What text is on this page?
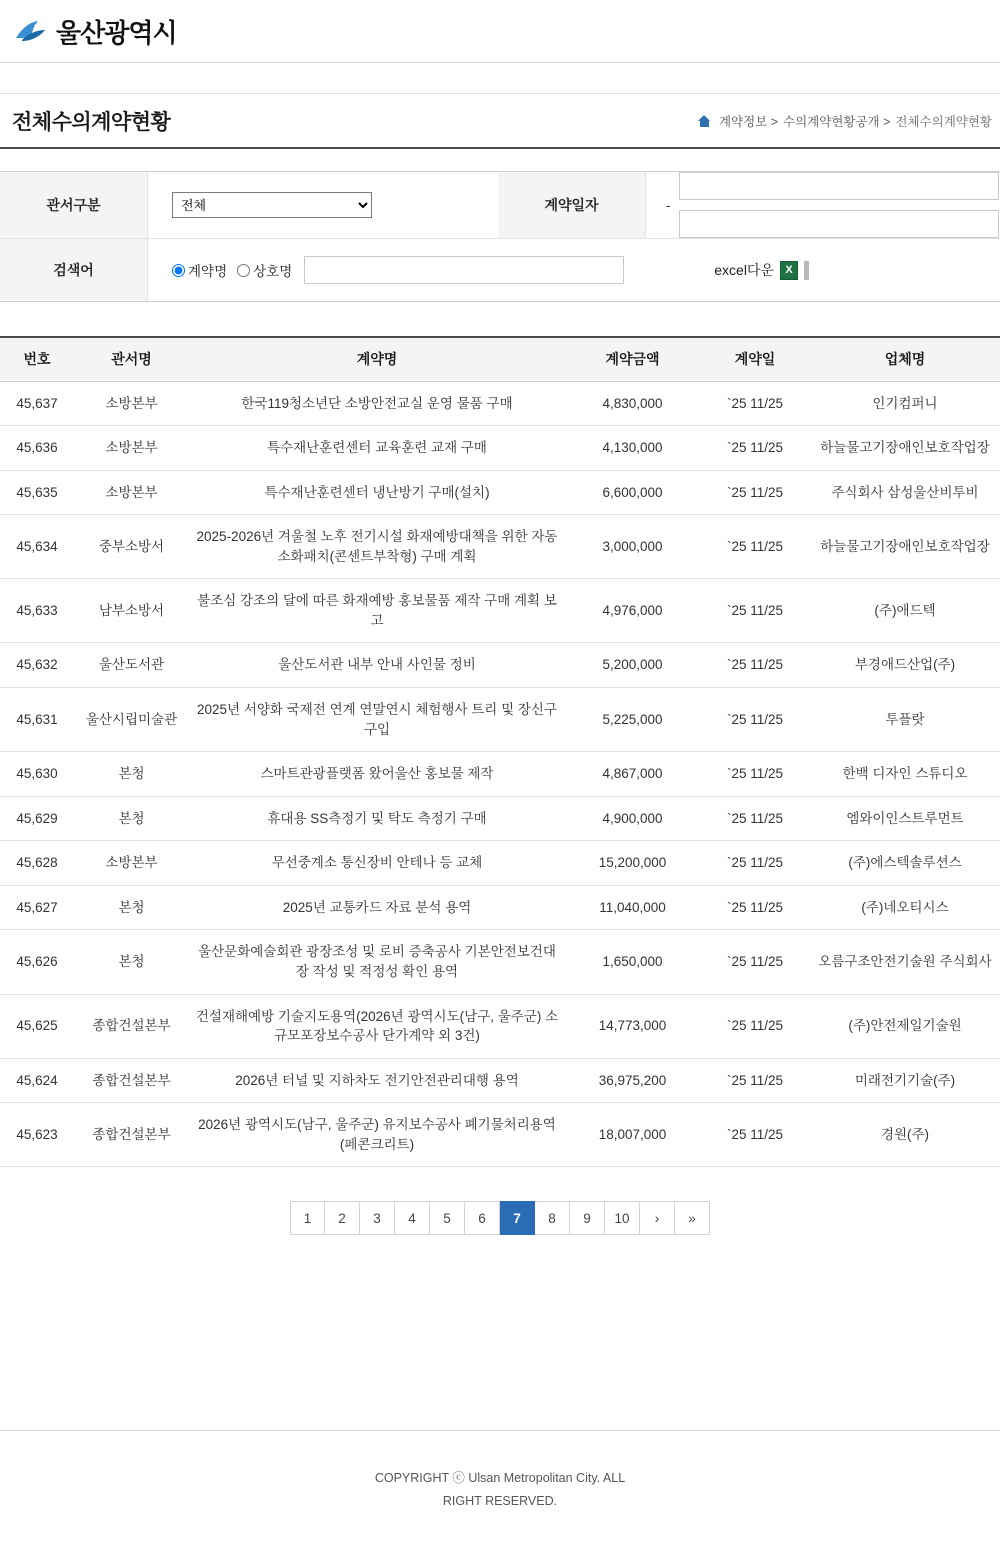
울산광역시
전체수의계약현황	계약정보 > 수의계약현황공개 > 전체수의계약현황
관서구분
전체	계약일자	-
검색어	계약명 상호명	excel다운	X
번호	관서명	계약명	계약금액	계약일	업체명
45,637	소방본부	한국119청소년단 소방안전교실 운영 물품 구매	4,830,000	`25 11/25	인기컴퍼니
45,636	소방본부	특수재난훈련센터 교육훈련 교재 구매	4,130,000	`25 11/25	하늘물고기장애인보호작업장
45,635	소방본부	특수재난훈련센터 냉난방기 구매(설치)	6,600,000	`25 11/25	주식회사 삼성울산비투비
45,634	중부소방서	2025-2026년 겨울철 노후 전기시설 화재예방대책을 위한 자동소화패치(콘센트부착형) 구매 계획	3,000,000	`25 11/25	하늘물고기장애인보호작업장
45,633	남부소방서	불조심 강조의 달에 따른 화재예방 홍보물품 제작 구매 계획 보고	4,976,000	`25 11/25	(주)애드텍
45,632	울산도서관	울산도서관 내부 안내 사인물 정비	5,200,000	`25 11/25	부경애드산업(주)
45,631	울산시립미술관	2025년 서양화 국제전 연계 연말연시 체험행사 트리 및 장신구 구입	5,225,000	`25 11/25	투플랏
45,630	본청	스마트관광플랫폼 왔어울산 홍보물 제작	4,867,000	`25 11/25	한백 디자인 스튜디오
45,629	본청	휴대용 SS측정기 및 탁도 측정기 구매	4,900,000	`25 11/25	엠와이인스트루먼트
45,628	소방본부	무선중계소 통신장비 안테나 등 교체	15,200,000	`25 11/25	(주)에스텍솔루션스
45,627	본청	2025년 교통카드 자료 분석 용역	11,040,000	`25 11/25	(주)네오티시스
45,626	본청	울산문화예술회관 광장조성 및 로비 증축공사 기본안전보건대장 작성 및 적정성 확인 용역	1,650,000	`25 11/25	오름구조안전기술원 주식회사
45,625	종합건설본부	건설재해예방 기술지도용역(2026년 광역시도(남구, 울주군) 소규모포장보수공사 단가계약 외 3건)	14,773,000	`25 11/25	(주)안전제일기술원
45,624	종합건설본부	2026년 터널 및 지하차도 전기안전관리대행 용역	36,975,200	`25 11/25	미래전기기술(주)
45,623	종합건설본부	2026년 광역시도(남구, 울주군) 유지보수공사 폐기물처리용역(페콘크리트)	18,007,000	`25 11/25	경원(주)
1	2	3	4	5	6	7	8	9	10	›	»
COPYRIGHT ⓒ Ulsan Metropolitan City. ALL RIGHT RESERVED.
